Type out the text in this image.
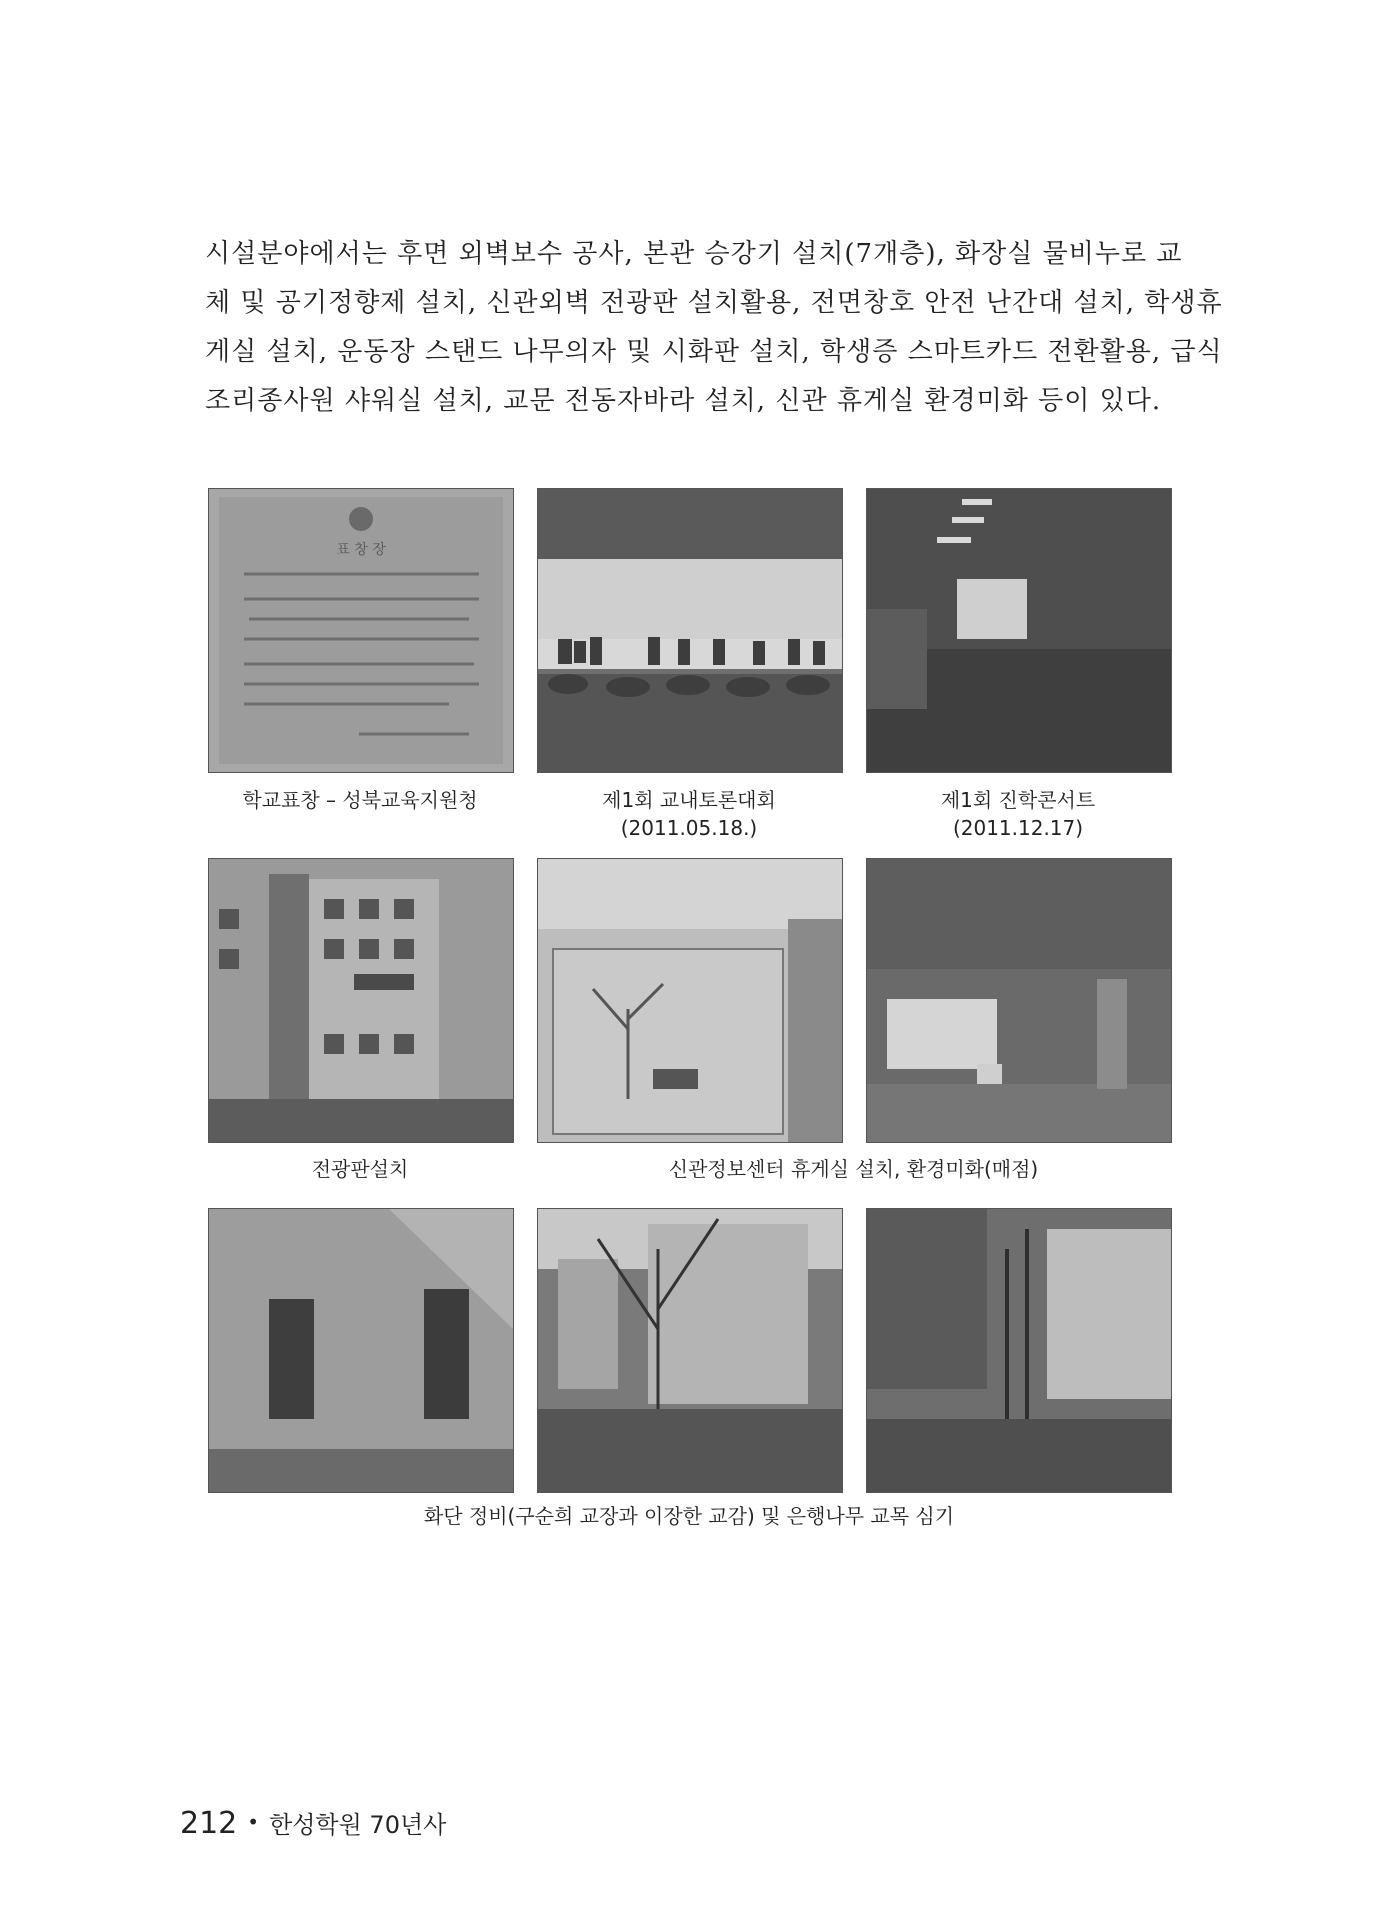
시설분야에서는 후면 외벽보수 공사, 본관 승강기 설치(7개층), 화장실 물비누로 교
체 및 공기정향제 설치, 신관외벽 전광판 설치활용, 전면창호 안전 난간대 설치, 학생휴
게실 설치, 운동장 스탠드 나무의자 및 시화판 설치, 학생증 스마트카드 전환활용, 급식
조리종사원 샤워실 설치, 교문 전동자바라 설치, 신관 휴게실 환경미화 등이 있다.
표 창 장
학교표창 – 성북교육지원청	제1회 교내토론대회
(2011.05.18.)
제1회 진학콘서트
(2011.12.17)
전광판설치	신관정보센터 휴게실 설치, 환경미화(매점)
화단 정비(구순희 교장과 이장한 교감) 및 은행나무 교목 심기
212 • 한성학원 70년사
